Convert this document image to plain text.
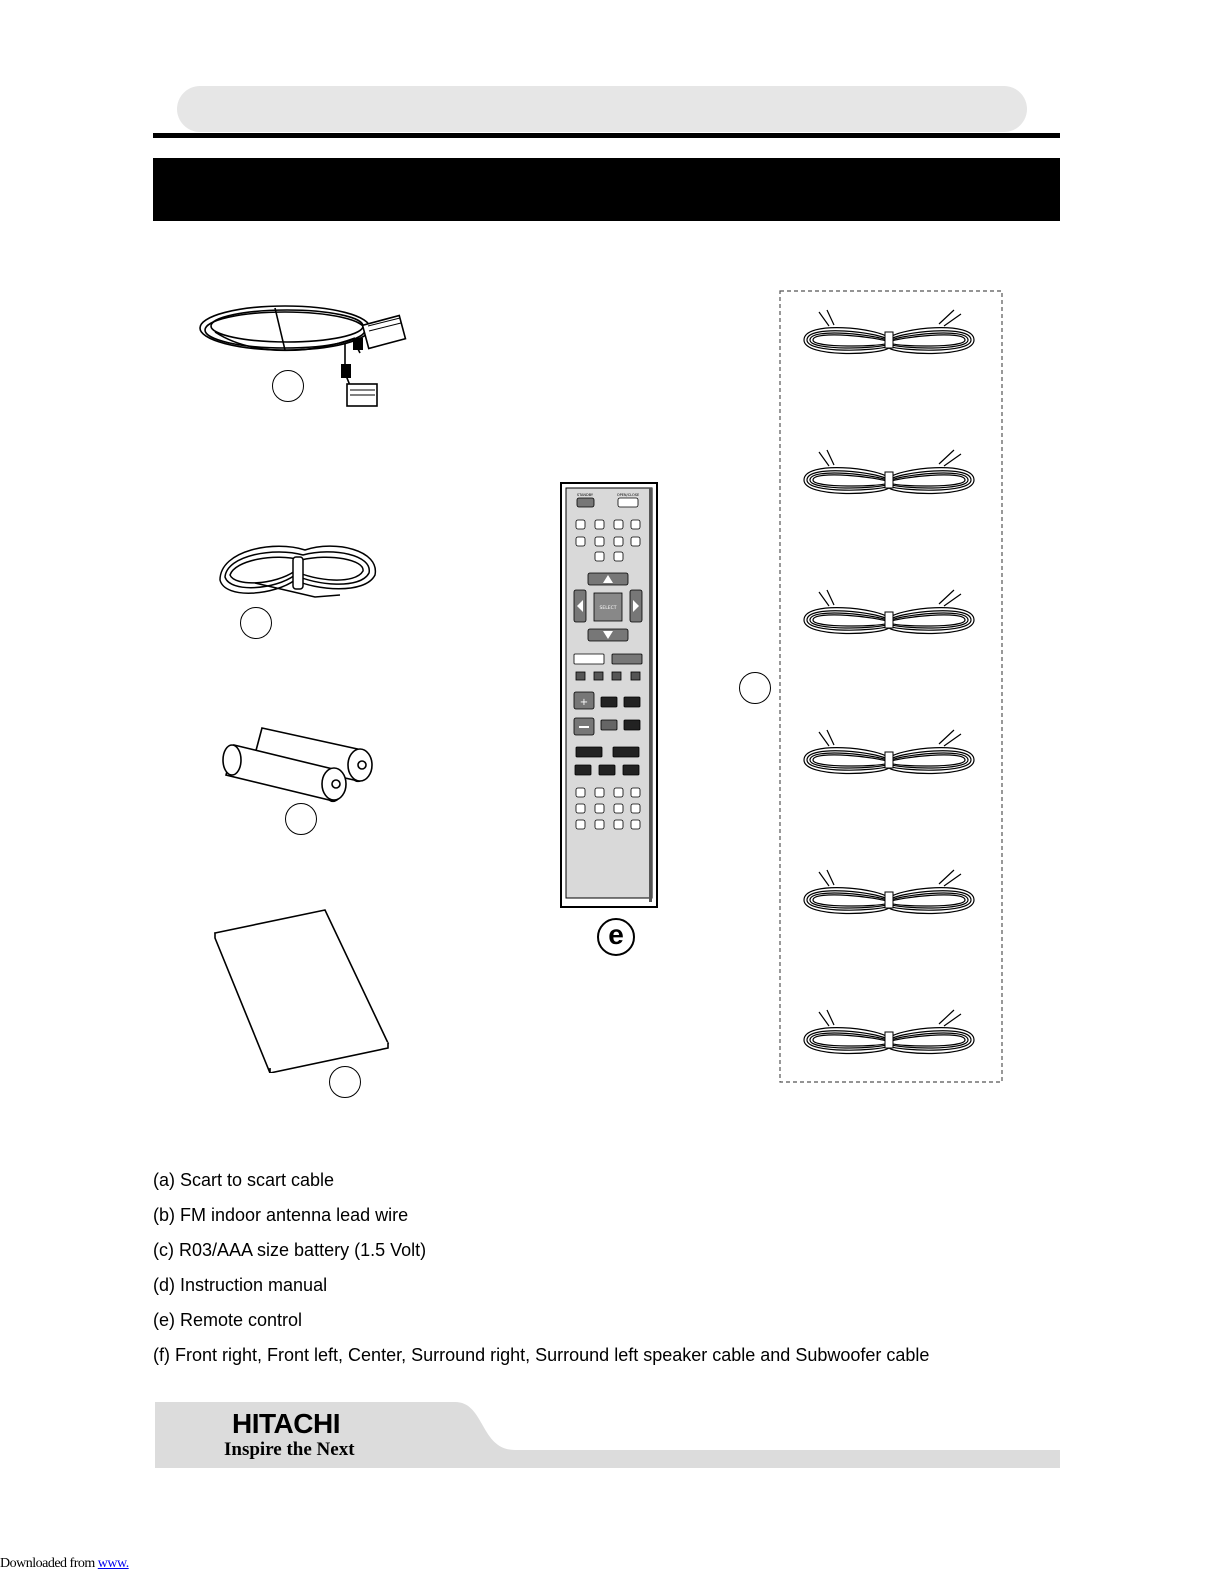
STANDBY	OPEN/CLOSE
SELECT
+
e
(a) Scart to scart cable
(b) FM indoor antenna lead wire
(c) R03/AAA size battery (1.5 Volt)
(d) Instruction manual
(e) Remote control
(f) Front right, Front left, Center, Surround right, Surround left speaker cable and Subwoofer cable
HITACHI
Inspire the Next
Downloaded from www.
